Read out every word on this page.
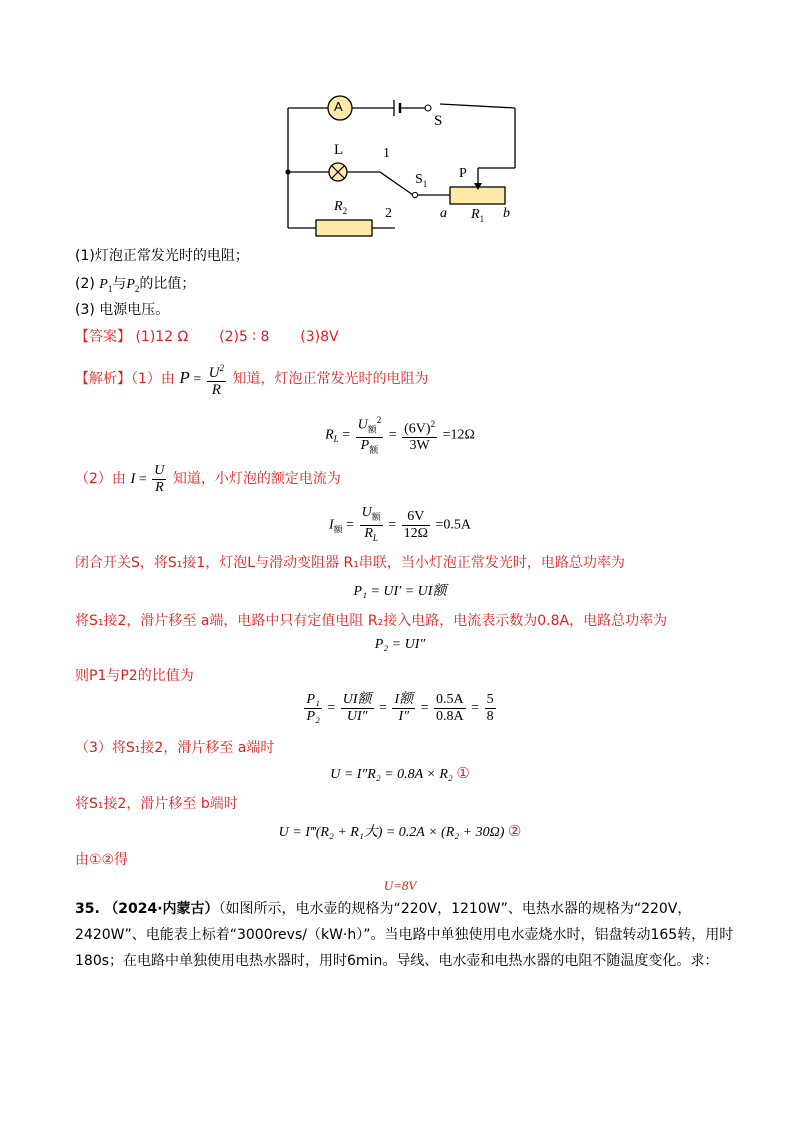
A
S
L	1
$S_1$
P
$R_2$	2	a $R_1$ b
(1)灯泡正常发光时的电阻；
(2) $P_1$与$P_2$的比值；
(3) 电源电压。
【答案】 (1)12 Ω (2)5 ∶ 8 (3)8V
【解析】（1）由 $P = \frac{U^2}{R}$ 知道，灯泡正常发光时的电阻为
$R_L = \frac{U_额^2}{P_额} = \frac{(6V)^2}{3W} =12\Omega$
（2）由 $I = \frac{U}{R}$ 知道，小灯泡的额定电流为
$I_额 = \frac{U_额}{R_L} = \frac{6V}{12\Omega} =0.5A$
闭合开关S，将S₁接1，灯泡L与滑动变阻器 R₁串联，当小灯泡正常发光时，电路总功率为
P₁ = UI′ = UI额
将S₁接2，滑片移至 a端，电路中只有定值电阻 R₂接入电路，电流表示数为0.8A，电路总功率为
P₂ = UI″
则P1与P2的比值为
$\frac{\text{P₁}}{\text{P₂}} = \frac{\text{UI额}}{UI''} = \frac{\text{I额}}{I''} = \frac{0.5A}{0.8A} = \frac{5}{8}$
（3）将S₁接2，滑片移至 a端时
U = I″R₂ = 0.8A × R₂ ①
将S₁接2，滑片移至 b端时
U = I‴(R₂ + R₁大) = 0.2A × (R₂ + 30Ω) ②
由①②得
U=8V
35. （2024·内蒙古）（如图所示，电水壶的规格为“220V，1210W”、电热水器的规格为“220V，2420W”、电能表上标着“3000revs/（kW·h）”。当电路中单独使用电水壶烧水时，铝盘转动165转，用时180s；在电路中单独使用电热水器时，用时6min。导线、电水壶和电热水器的电阻不随温度变化。求：
